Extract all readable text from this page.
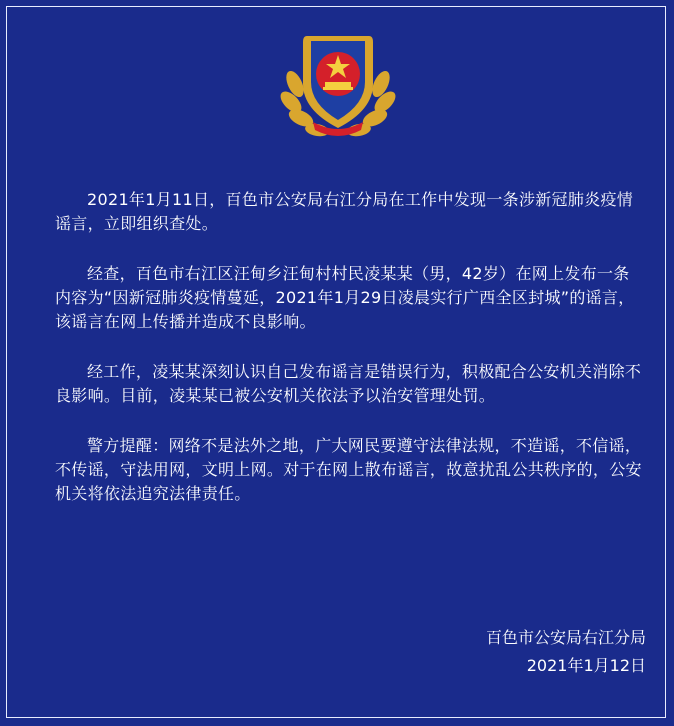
2021年1月11日，百色市公安局右江分局在工作中发现一条涉新冠肺炎疫情谣言，立即组织查处。

经查，百色市右江区汪甸乡汪甸村村民凌某某（男，42岁）在网上发布一条内容为“因新冠肺炎疫情蔓延，2021年1月29日凌晨实行广西全区封城”的谣言，该谣言在网上传播并造成不良影响。

经工作，凌某某深刻认识自己发布谣言是错误行为，积极配合公安机关消除不良影响。目前，凌某某已被公安机关依法予以治安管理处罚。

警方提醒：网络不是法外之地，广大网民要遵守法律法规，不造谣，不信谣，不传谣，守法用网，文明上网。对于在网上散布谣言，故意扰乱公共秩序的，公安机关将依法追究法律责任。

百色市公安局右江分局
2021年1月12日
